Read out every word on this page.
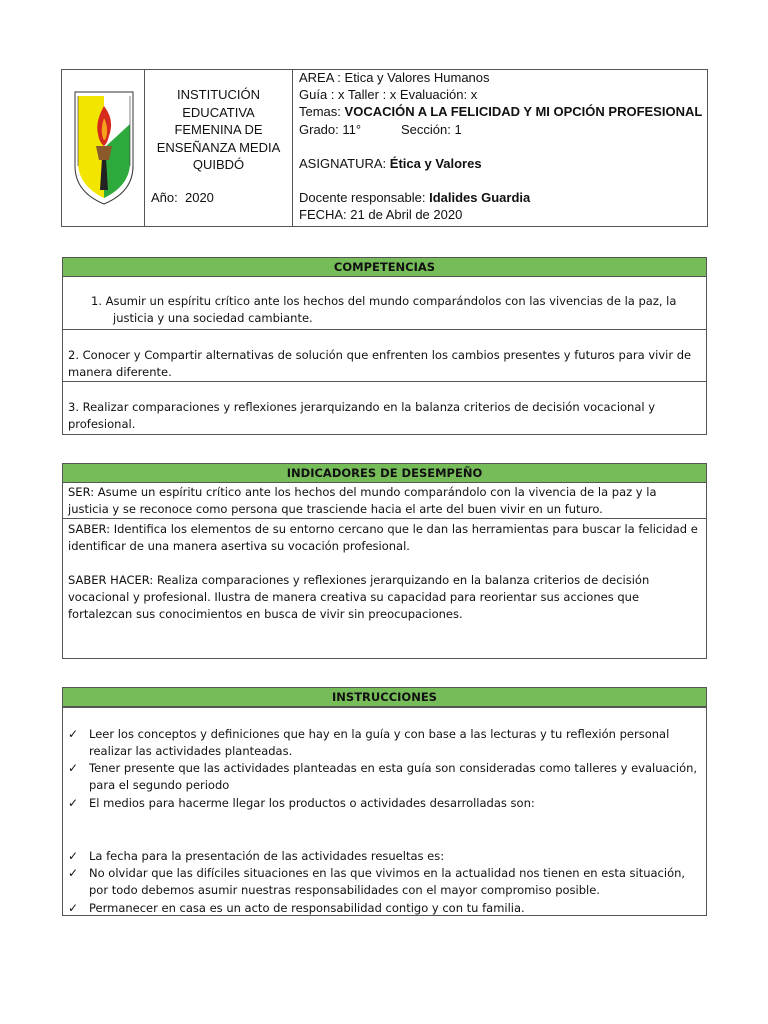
INSTITUCIÓN
EDUCATIVA
FEMENINA DE
ENSEÑANZA MEDIA
QUIBDÓ
Año: 2020
AREA : Etica y Valores Humanos
Guía : x Taller : x Evaluación: x
Temas: VOCACIÓN A LA FELICIDAD Y MI OPCIÓN PROFESIONAL
Grado: 11°	Sección: 1
ASIGNATURA: Ética y Valores
Docente responsable: Idalides Guardia
FECHA: 21 de Abril de 2020
COMPETENCIAS
1. Asumir un espíritu crítico ante los hechos del mundo comparándolos con las vivencias de la paz, la justicia y una sociedad cambiante.
2. Conocer y Compartir alternativas de solución que enfrenten los cambios presentes y futuros para vivir de manera diferente.
3. Realizar comparaciones y reflexiones jerarquizando en la balanza criterios de decisión vocacional y profesional.
INDICADORES DE DESEMPEÑO
SER: Asume un espíritu crítico ante los hechos del mundo comparándolo con la vivencia de la paz y la justicia y se reconoce como persona que trasciende hacia el arte del buen vivir en un futuro.
SABER: Identifica los elementos de su entorno cercano que le dan las herramientas para buscar la felicidad e identificar de una manera asertiva su vocación profesional.
SABER HACER: Realiza comparaciones y reflexiones jerarquizando en la balanza criterios de decisión vocacional y profesional. Ilustra de manera creativa su capacidad para reorientar sus acciones que fortalezcan sus conocimientos en busca de vivir sin preocupaciones.
INSTRUCCIONES
✓ Leer los conceptos y definiciones que hay en la guía y con base a las lecturas y tu reflexión personal realizar las actividades planteadas.
✓ Tener presente que las actividades planteadas en esta guía son consideradas como talleres y evaluación, para el segundo periodo
✓ El medios para hacerme llegar los productos o actividades desarrolladas son:
✓ La fecha para la presentación de las actividades resueltas es:
✓ No olvidar que las difíciles situaciones en las que vivimos en la actualidad nos tienen en esta situación, por todo debemos asumir nuestras responsabilidades con el mayor compromiso posible.
✓ Permanecer en casa es un acto de responsabilidad contigo y con tu familia.
